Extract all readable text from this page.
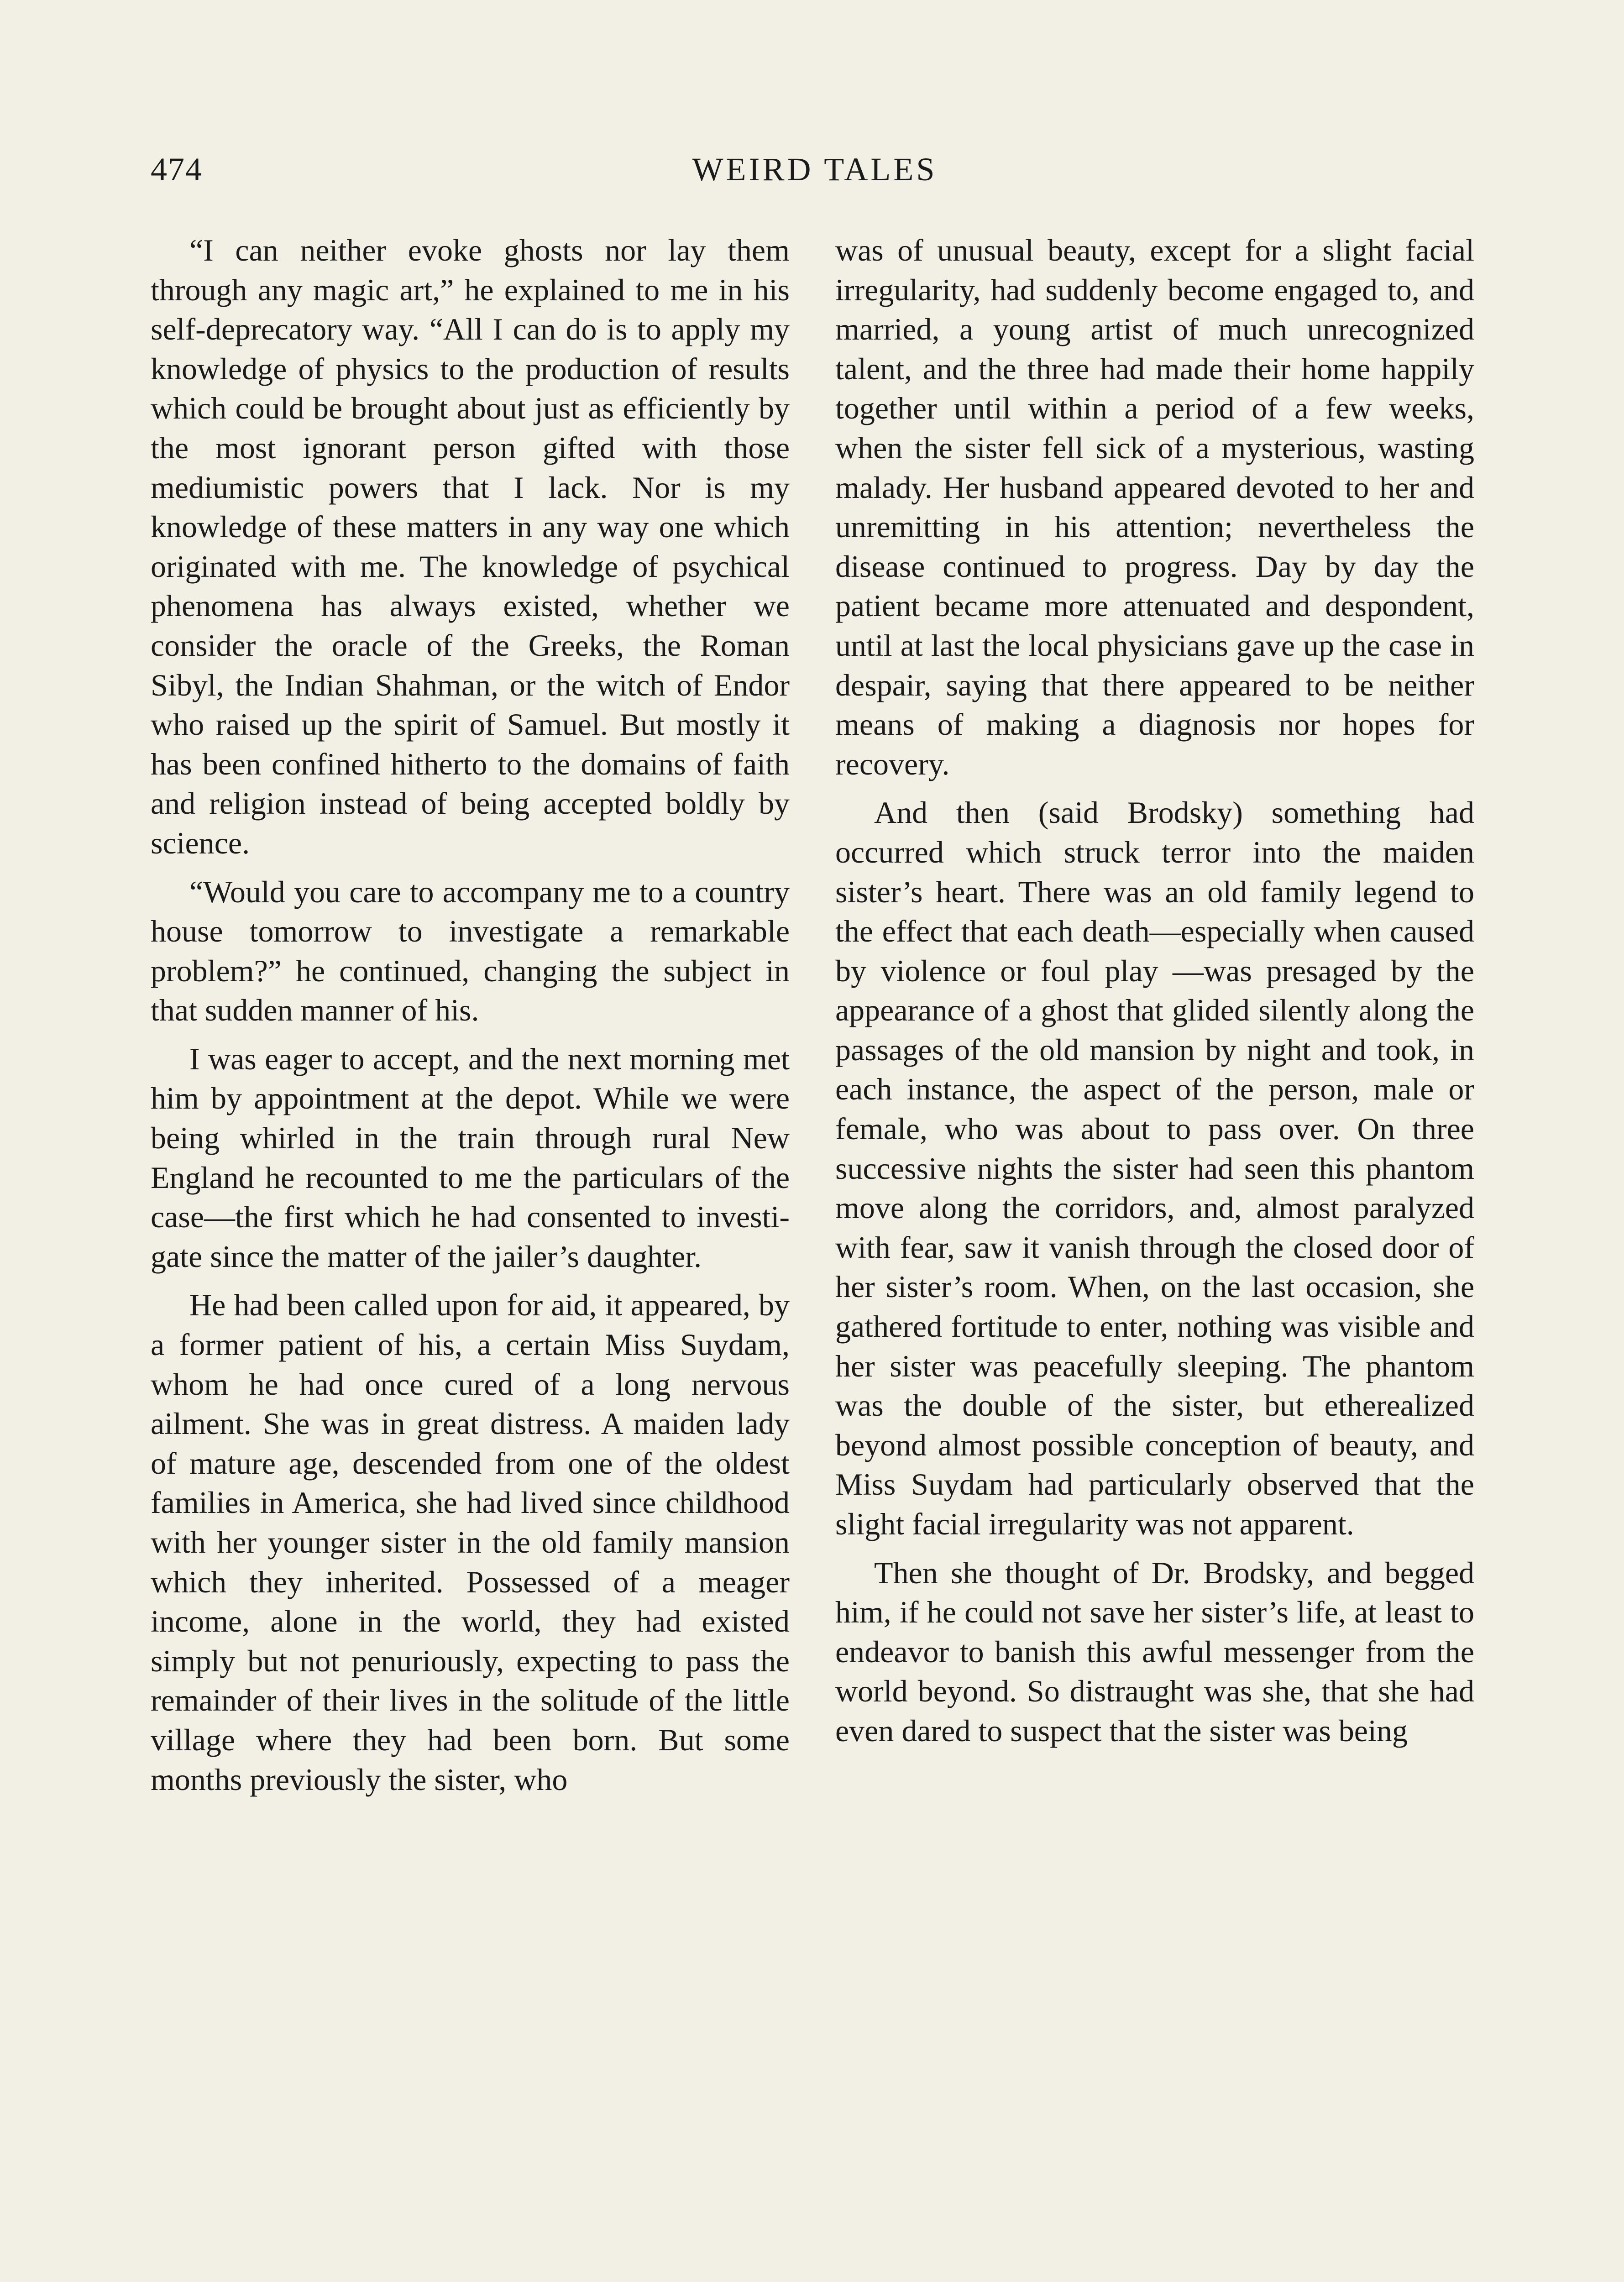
474	WEIRD TALES

“I can neither evoke ghosts nor lay them through any magic art,” he explained to me in his self-deprecatory way. “All I can do is to apply my knowledge of physics to the production of results which could be brought about just as efficiently by the most ignorant person gifted with those mediumistic powers that I lack. Nor is my knowledge of these matters in any way one which originated with me. The knowledge of psychical phenomena has always existed, whether we consider the oracle of the Greeks, the Roman Sibyl, the Indian Shahman, or the witch of Endor who raised up the spirit of Samuel. But mostly it has been confined hitherto to the domains of faith and religion instead of being accepted boldly by science.

“Would you care to accompany me to a country house tomorrow to investigate a remarkable problem?” he continued, changing the subject in that sudden manner of his.

I was eager to accept, and the next morning met him by appointment at the depot. While we were being whirled in the train through rural New England he recounted to me the particulars of the case—the first which he had consented to investigate since the matter of the jailer’s daughter.

He had been called upon for aid, it appeared, by a former patient of his, a certain Miss Suydam, whom he had once cured of a long nervous ailment. She was in great distress. A maiden lady of mature age, descended from one of the oldest families in America, she had lived since childhood with her younger sister in the old family mansion which they inherited. Possessed of a meager income, alone in the world, they had existed simply but not penuriously, expecting to pass the remainder of their lives in the solitude of the little village where they had been born. But some months previously the sister, who

was of unusual beauty, except for a slight facial irregularity, had suddenly become engaged to, and married, a young artist of much unrecognized talent, and the three had made their home happily together until within a period of a few weeks, when the sister fell sick of a mysterious, wasting malady. Her husband appeared devoted to her and unremitting in his attention; nevertheless the disease continued to progress. Day by day the patient became more attenuated and despondent, until at last the local physicians gave up the case in despair, saying that there appeared to be neither means of making a diagnosis nor hopes for recovery.

And then (said Brodsky) something had occurred which struck terror into the maiden sister’s heart. There was an old family legend to the effect that each death—especially when caused by violence or foul play —was presaged by the appearance of a ghost that glided silently along the passages of the old mansion by night and took, in each instance, the aspect of the person, male or female, who was about to pass over. On three successive nights the sister had seen this phantom move along the corridors, and, almost paralyzed with fear, saw it vanish through the closed door of her sister’s room. When, on the last occasion, she gathered fortitude to enter, nothing was visible and her sister was peacefully sleeping. The phantom was the double of the sister, but etherealized beyond almost possible conception of beauty, and Miss Suydam had particularly observed that the slight facial irregularity was not apparent.

Then she thought of Dr. Brodsky, and begged him, if he could not save her sister’s life, at least to endeavor to banish this awful messenger from the world beyond. So distraught was she, that she had even dared to suspect that the sister was being
